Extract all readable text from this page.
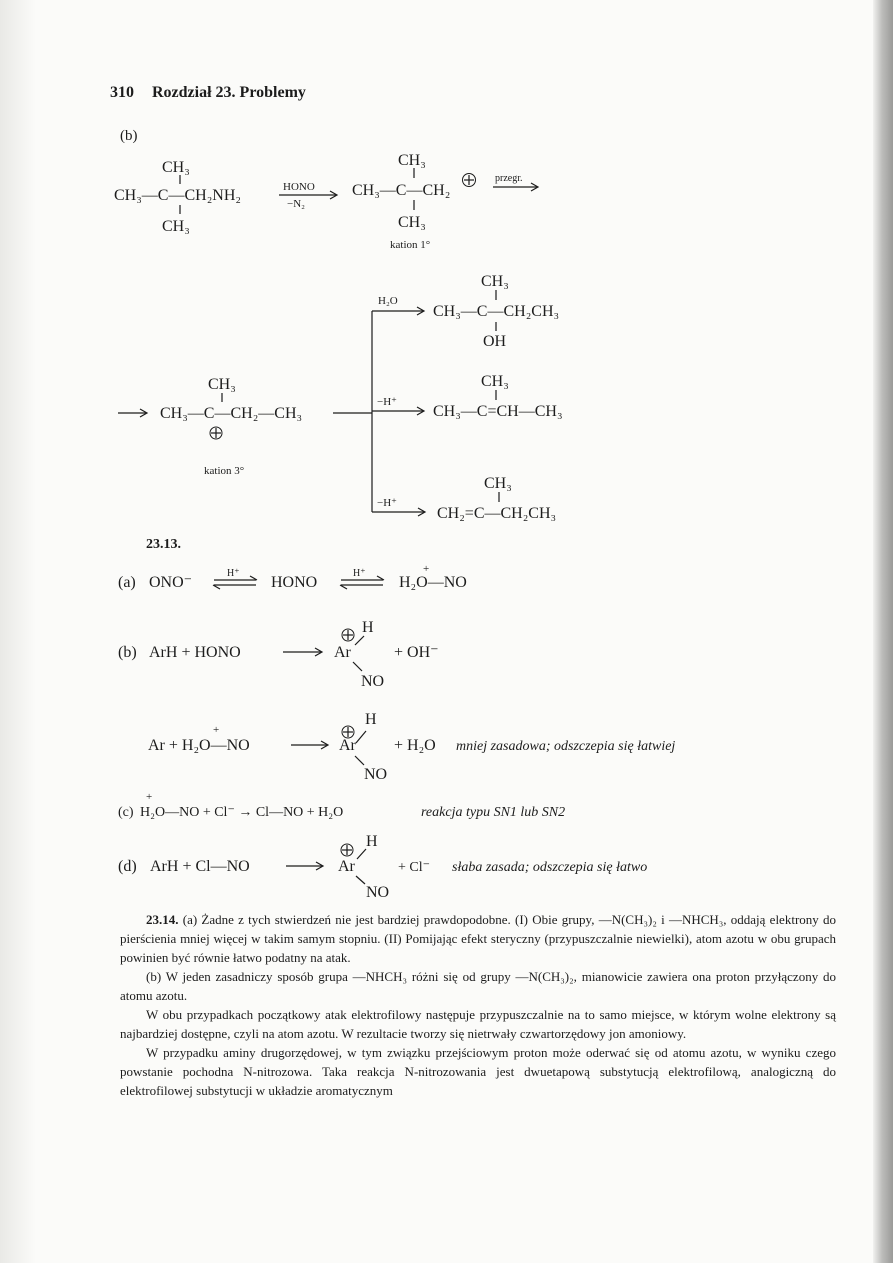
310 Rozdział 23. Problemy
(b)
CH₃
CH₃—C—CH₂NH₂
CH₃
HONO
−N₂
CH₃
CH₃—C—CH₂
CH₃
kation 1°
przegr.
CH₃
CH₃—C—CH₂—CH₃
kation 3°
H₂O
−H⁺
−H⁺
CH₃
CH₃—C—CH₂CH₃
OH
CH₃
CH₃—C=CH—CH₃
CH₃
CH₂=C—CH₂CH₃
23.13.
(a) ONO⁻
H⁺
HONO
H⁺	+
H₂O—NO
H
(b) ArH + HONO	Ar
NO
+ OH⁻
H
+
Ar + H₂O—NO	Ar
NO
+ H₂O mniej zasadowa; odszczepia się łatwiej
+
(c) H₂O—NO + Cl⁻ → Cl—NO + H₂O	reakcja typu SN1 lub SN2
H
(d) ArH + Cl—NO	Ar
NO
+ Cl⁻ słaba zasada; odszczepia się łatwo

23.14. (a) Żadne z tych stwierdzeń nie jest bardziej prawdopodobne. (I) Obie grupy, —N(CH₃)₂ i —NHCH₃, oddają elektrony do pierścienia mniej więcej w takim samym stopniu. (II) Pomijając efekt steryczny (przypuszczalnie niewielki), atom azotu w obu grupach powinien być równie łatwo podatny na atak.

(b) W jeden zasadniczy sposób grupa —NHCH₃ różni się od grupy —N(CH₃)₂, mianowicie zawiera ona proton przyłączony do atomu azotu.

W obu przypadkach początkowy atak elektrofilowy następuje przypuszczalnie na to samo miejsce, w którym wolne elektrony są najbardziej dostępne, czyli na atom azotu. W rezultacie tworzy się nietrwały czwartorzędowy jon amoniowy.

W przypadku aminy drugorzędowej, w tym związku przejściowym proton może oderwać się od atomu azotu, w wyniku czego powstanie pochodna N-nitrozowa. Taka reakcja N-nitrozowania jest dwuetapową substytucją elektrofilową, analogiczną do elektrofilowej substytucji w układzie aromatycznym
